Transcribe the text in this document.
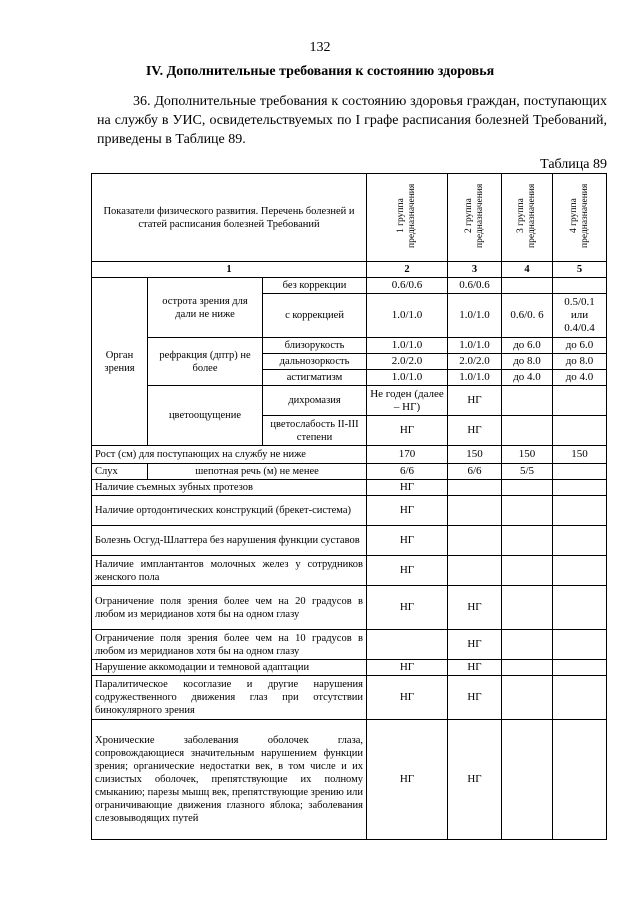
132
IV. Дополнительные требования к состоянию здоровья
36. Дополнительные требования к состоянию здоровья граждан, поступающих на службу в УИС, освидетельствуемых по I графе расписания болезней Требований, приведены в Таблице 89.
Таблица 89
Показатели физического развития. Перечень болезней и статей расписания болезней Требований			1 группа предназначения	2 группа предназначения	3 группа предназначения	4 группа предназначения
1			2	3	4	5
Орган зрения	острота зрения для дали не ниже	без коррекции	0.6/0.6	0.6/0.6		
		с коррекцией	1.0/1.0	1.0/1.0	0.6/0. 6	0.5/0.1 или 0.4/0.4
	рефракция (дптр) не более	близорукость	1.0/1.0	1.0/1.0	до 6.0	до 6.0
		дальнозоркость	2.0/2.0	2.0/2.0	до 8.0	до 8.0
		астигматизм	1.0/1.0	1.0/1.0	до 4.0	до 4.0
	цветоощущение	дихромазия	Не годен (далее – НГ)	НГ		
		цветослабость II-III степени	НГ	НГ		
Рост (см) для поступающих на службу не ниже			170	150	150	150
Слух	шепотная речь (м) не менее		6/6	6/6	5/5	
Наличие съемных зубных протезов			НГ			
Наличие ортодонтических конструкций (брекет-система)			НГ			
Болезнь Осгуд-Шлаттера без нарушения функции суставов			НГ			
Наличие имплантантов молочных желез у сотрудников женского пола			НГ			
Ограничение поля зрения более чем на 20 градусов в любом из меридианов хотя бы на одном глазу			НГ	НГ		
Ограничение поля зрения более чем на 10 градусов в любом из меридианов хотя бы на одном глазу				НГ		
Нарушение аккомодации и темновой адаптации			НГ	НГ		
Паралитическое косоглазие и другие нарушения содружественного движения глаз при отсутствии бинокулярного зрения			НГ	НГ		
Хронические заболевания оболочек глаза, сопровождающиеся значительным нарушением функции зрения; органические недостатки век, в том числе и их слизистых оболочек, препятствующие их полному смыканию; парезы мышц век, препятствующие зрению или ограничивающие движения глазного яблока; заболевания слезовыводящих путей			НГ	НГ		
